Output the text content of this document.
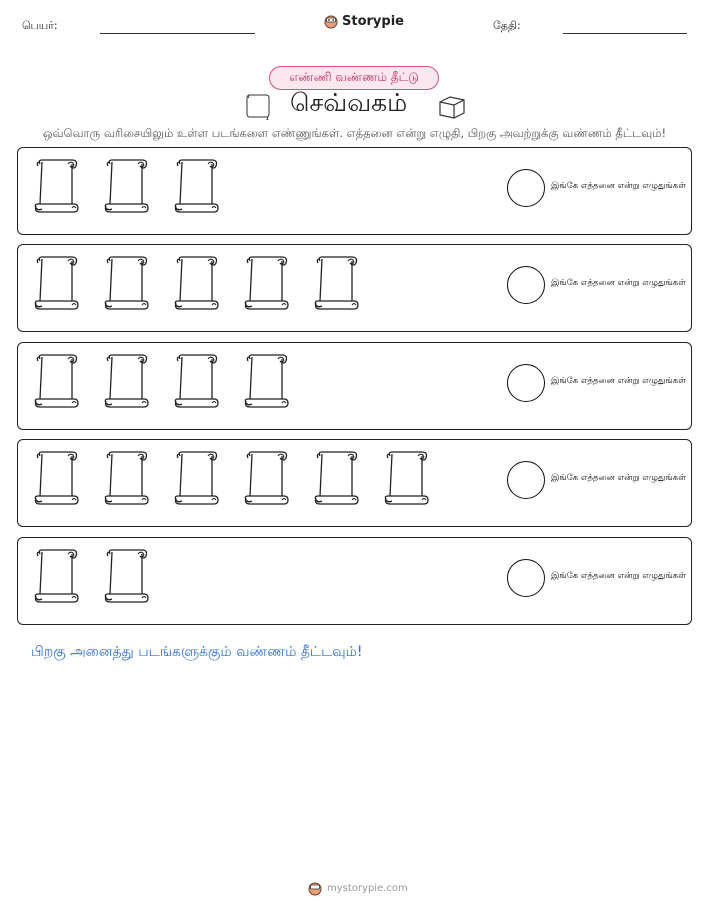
பெயர்:	Storypie	தேதி:
எண்ணி வண்ணம் தீட்டு
செவ்வகம்
ஒவ்வொரு வரிசையிலும் உள்ள படங்களை எண்ணுங்கள். எத்தனை என்று எழுதி, பிறகு அவற்றுக்கு வண்ணம் தீட்டவும்!
இங்கே எத்தனை என்று எழுதுங்கள்
இங்கே எத்தனை என்று எழுதுங்கள்
இங்கே எத்தனை என்று எழுதுங்கள்
இங்கே எத்தனை என்று எழுதுங்கள்
இங்கே எத்தனை என்று எழுதுங்கள்
பிறகு அனைத்து படங்களுக்கும் வண்ணம் தீட்டவும்!
mystorypie.com
